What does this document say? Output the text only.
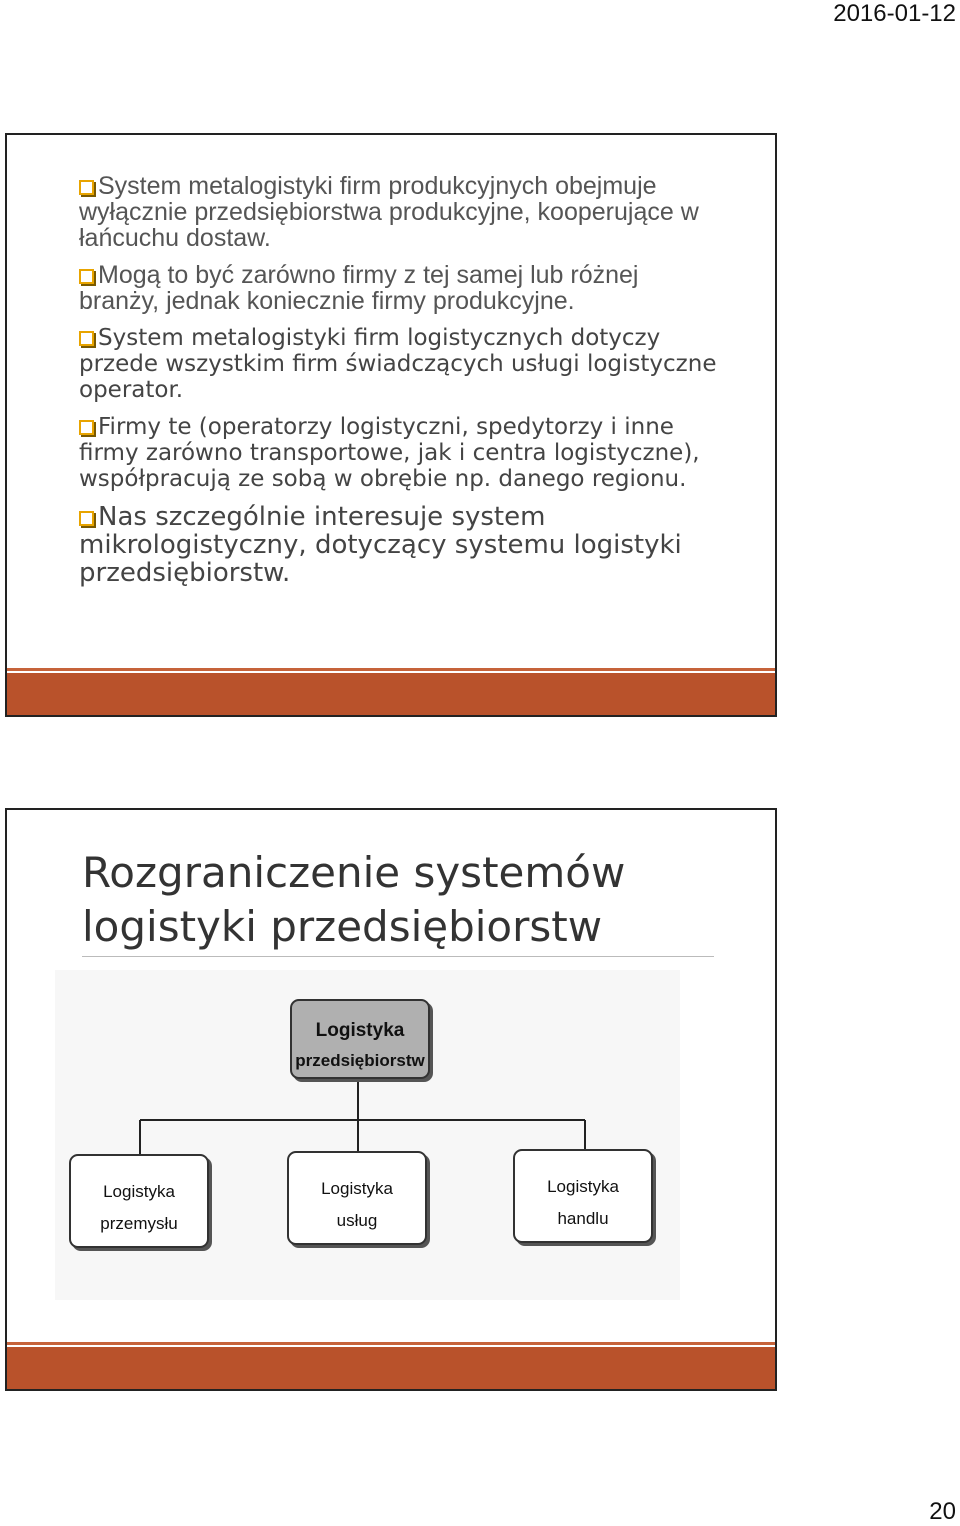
2016-01-12
System metalogistyki firm produkcyjnych obejmuje wyłącznie przedsiębiorstwa produkcyjne, kooperujące w łańcuchu dostaw.
Mogą to być zarówno firmy z tej samej lub różnej branży, jednak koniecznie firmy produkcyjne.
System metalogistyki firm logistycznych dotyczy przede wszystkim firm świadczących usługi logistyczne operator.
Firmy te (operatorzy logistyczni, spedytorzy i inne firmy zarówno transportowe, jak i centra logistyczne), współpracują ze sobą w obrębie np. danego regionu.
Nas szczególnie interesuje system mikrologistyczny, dotyczący systemu logistyki przedsiębiorstw.
Rozgraniczenie systemów
logistyki przedsiębiorstw
Logistyka
przedsiębiorstw
Logistyka
przemysłu
Logistyka
usług
Logistyka
handlu
20
